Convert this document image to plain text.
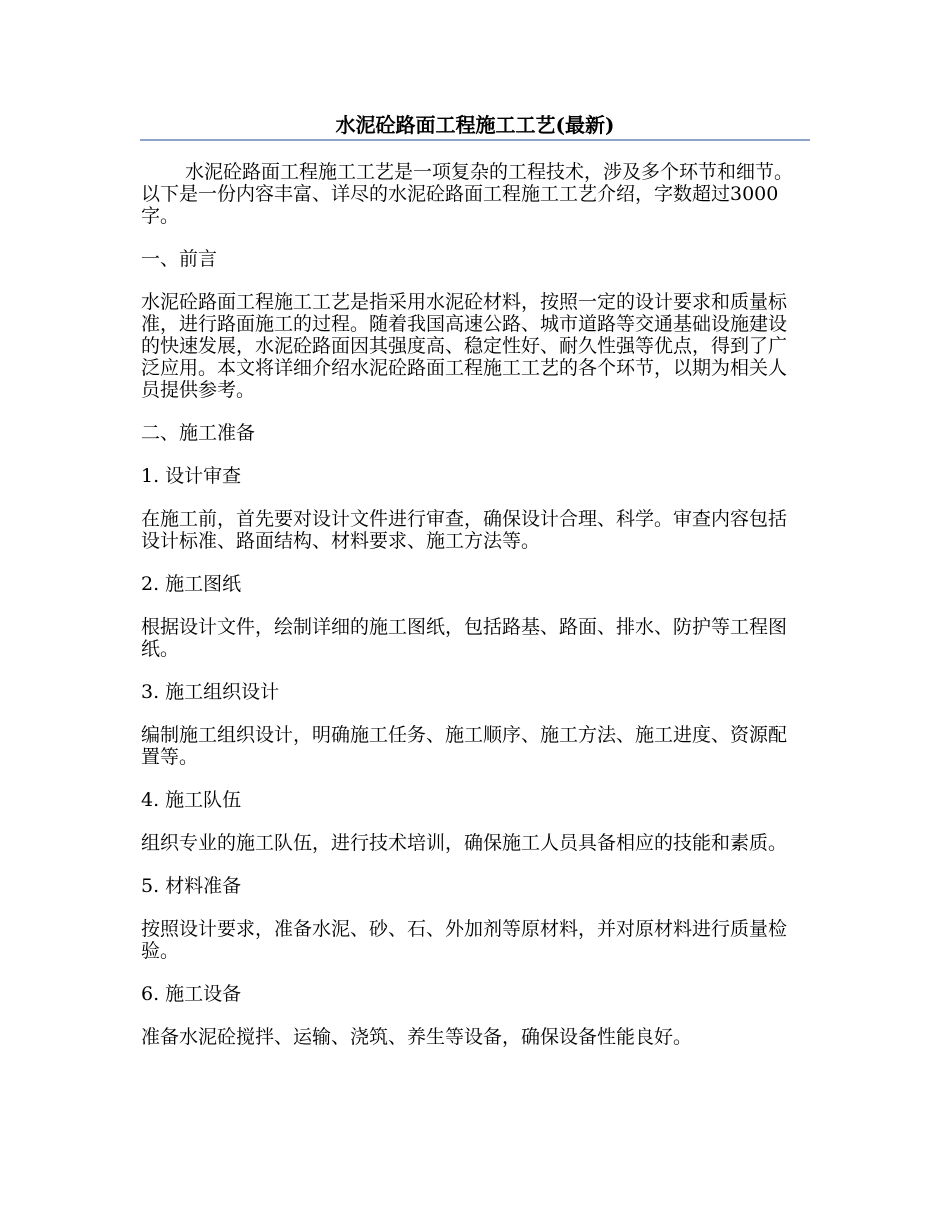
水泥砼路面工程施工工艺(最新)

水泥砼路面工程施工工艺是一项复杂的工程技术，涉及多个环节和细节。以下是一份内容丰富、详尽的水泥砼路面工程施工工艺介绍，字数超过3000字。

一、前言

水泥砼路面工程施工工艺是指采用水泥砼材料，按照一定的设计要求和质量标准，进行路面施工的过程。随着我国高速公路、城市道路等交通基础设施建设的快速发展，水泥砼路面因其强度高、稳定性好、耐久性强等优点，得到了广泛应用。本文将详细介绍水泥砼路面工程施工工艺的各个环节，以期为相关人员提供参考。

二、施工准备

1. 设计审查

在施工前，首先要对设计文件进行审查，确保设计合理、科学。审查内容包括设计标准、路面结构、材料要求、施工方法等。

2. 施工图纸

根据设计文件，绘制详细的施工图纸，包括路基、路面、排水、防护等工程图纸。

3. 施工组织设计

编制施工组织设计，明确施工任务、施工顺序、施工方法、施工进度、资源配置等。

4. 施工队伍

组织专业的施工队伍，进行技术培训，确保施工人员具备相应的技能和素质。

5. 材料准备

按照设计要求，准备水泥、砂、石、外加剂等原材料，并对原材料进行质量检验。

6. 施工设备

准备水泥砼搅拌、运输、浇筑、养生等设备，确保设备性能良好。
